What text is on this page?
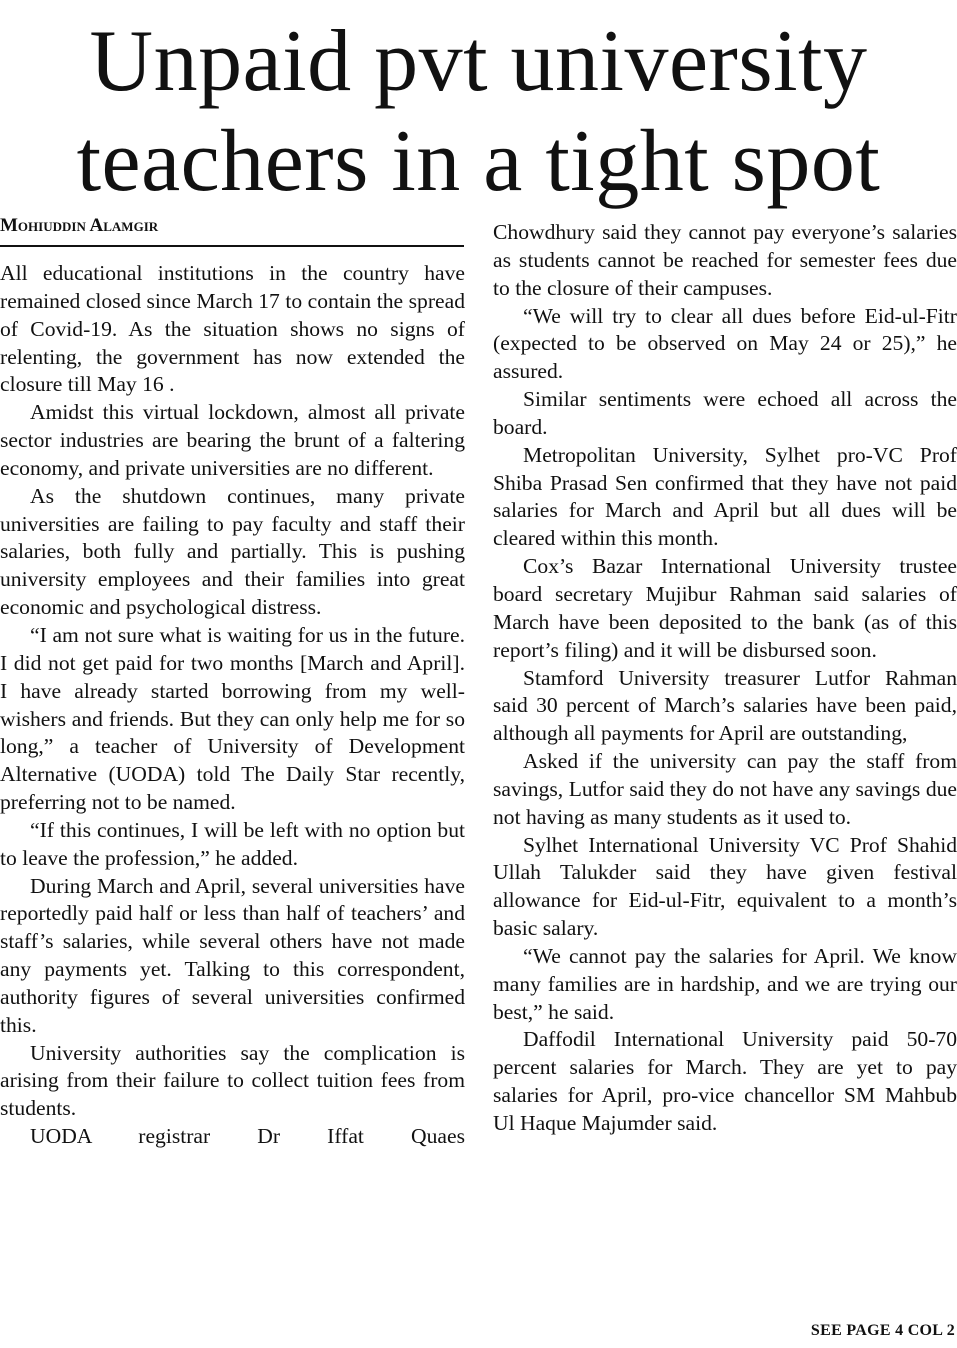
Unpaid pvt university
teachers in a tight spot
Mohiuddin Alamgir

All educational institutions in the country have remained closed since March 17 to contain the spread of Covid-19. As the situation shows no signs of relenting, the government has now extended the closure till May 16 .

Amidst this virtual lockdown, almost all private sector industries are bearing the brunt of a faltering economy, and private universities are no different.

As the shutdown continues, many private universities are failing to pay faculty and staff their salaries, both fully and partially. This is pushing university employees and their families into great economic and psychological distress.

“I am not sure what is waiting for us in the future. I did not get paid for two months [March and April]. I have already started borrowing from my well-wishers and friends. But they can only help me for so long,” a teacher of University of Development Alternative (UODA) told The Daily Star recently, preferring not to be named.

“If this continues, I will be left with no option but to leave the profession,” he added.

During March and April, several universities have reportedly paid half or less than half of teachers’ and staff’s salaries, while several others have not made any payments yet. Talking to this correspondent, authority figures of several universities confirmed this.

University authorities say the complication is arising from their failure to collect tuition fees from students.

UODA registrar Dr Iffat Quaes

Chowdhury said they cannot pay everyone’s salaries as students cannot be reached for semester fees due to the closure of their campuses.

“We will try to clear all dues before Eid-ul-Fitr (expected to be observed on May 24 or 25),” he assured.

Similar sentiments were echoed all across the board.

Metropolitan University, Sylhet pro-VC Prof Shiba Prasad Sen confirmed that they have not paid salaries for March and April but all dues will be cleared within this month.

Cox’s Bazar International University trustee board secretary Mujibur Rahman said salaries of March have been deposited to the bank (as of this report’s filing) and it will be disbursed soon.

Stamford University treasurer Lutfor Rahman said 30 percent of March’s salaries have been paid, although all payments for April are outstanding,

Asked if the university can pay the staff from savings, Lutfor said they do not have any savings due not having as many students as it used to.

Sylhet International University VC Prof Shahid Ullah Talukder said they have given festival allowance for Eid-ul-Fitr, equivalent to a month’s basic salary.

“We cannot pay the salaries for April. We know many families are in hardship, and we are trying our best,” he said.

Daffodil International University paid 50-70 percent salaries for March. They are yet to pay salaries for April, pro-vice chancellor SM Mahbub Ul Haque Majumder said.

SEE PAGE 4 COL 2
